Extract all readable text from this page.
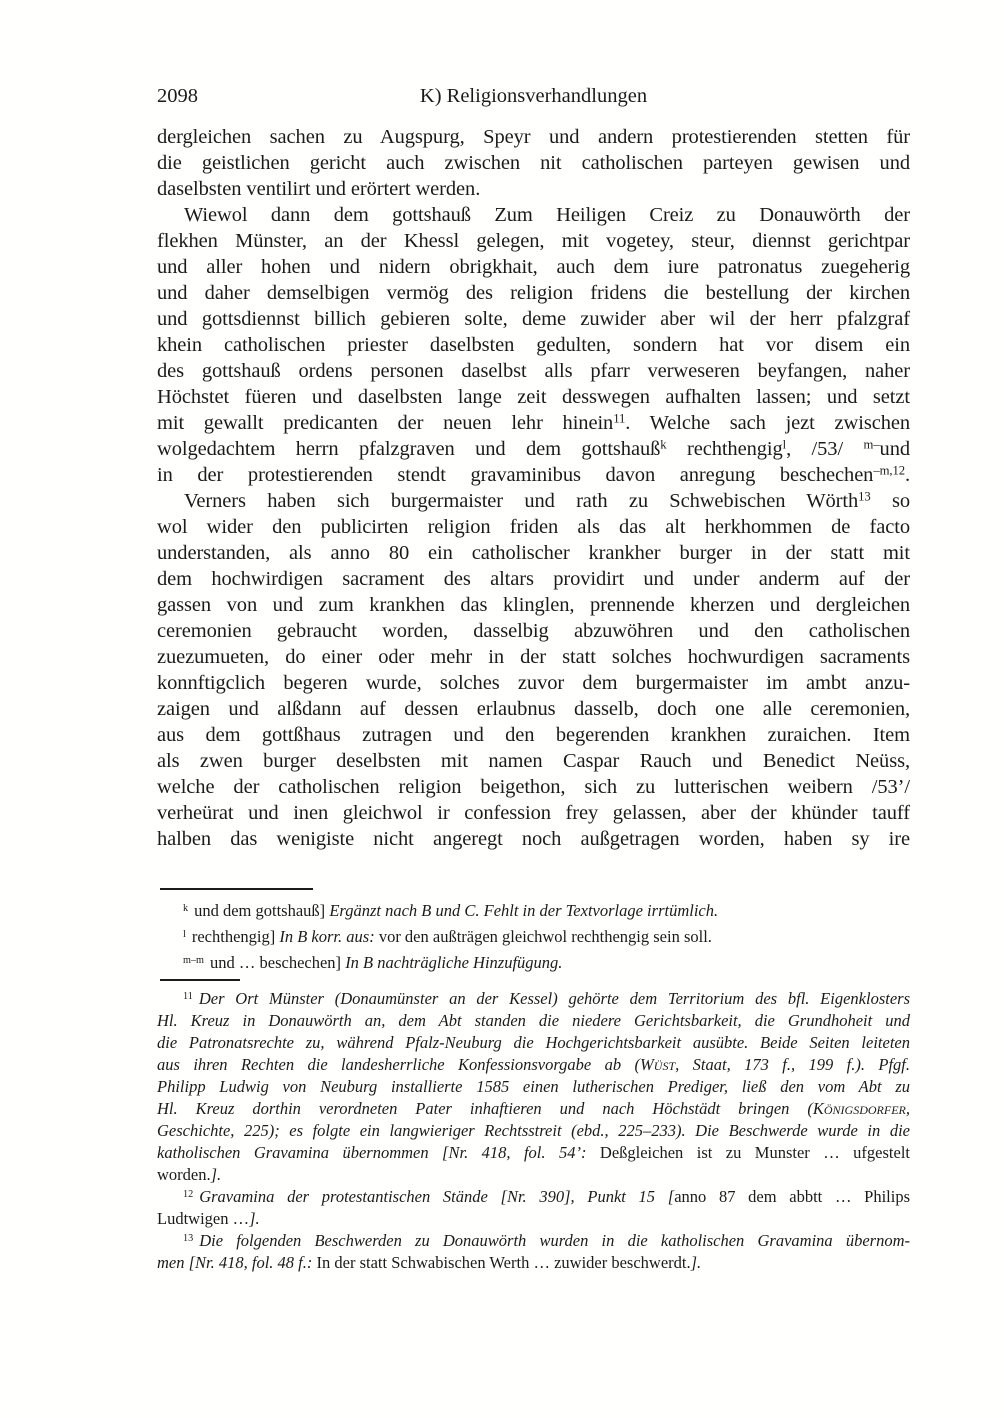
2098	K) Religionsverhandlungen
dergleichen sachen zu Augspurg, Speyr und andern protestierenden stetten für
die geistlichen gericht auch zwischen nit catholischen parteyen gewisen und
daselbsten ventilirt und erörtert werden.
Wiewol dann dem gottshauß Zum Heiligen Creiz zu Donauwörth der
flekhen Münster, an der Khessl gelegen, mit vogetey, steur, diennst gerichtpar
und aller hohen und nidern obrigkhait, auch dem iure patronatus zuegeherig
und daher demselbigen vermög des religion fridens die bestellung der kirchen
und gottsdiennst billich gebieren solte, deme zuwider aber wil der herr pfalzgraf
khein catholischen priester daselbsten gedulten, sondern hat vor disem ein
des gottshauß ordens personen daselbst alls pfarr verweseren beyfangen, naher
Höchstet füeren und daselbsten lange zeit desswegen aufhalten lassen; und setzt
mit gewallt predicanten der neuen lehr hinein$^{11}$. Welche sach jezt zwischen
wolgedachtem herrn pfalzgraven und dem gottshauß$^k$ rechthengig$^l$, /53/ $^{m-}$und
in der protestierenden stendt gravaminibus davon anregung beschechen$^{-m,12}$.
Verners haben sich burgermaister und rath zu Schwebischen Wörth$^{13}$ so
wol wider den publicirten religion friden als das alt herkhommen de facto
understanden, als anno 80 ein catholischer krankher burger in der statt mit
dem hochwirdigen sacrament des altars providirt und under anderm auf der
gassen von und zum krankhen das klinglen, prennende kherzen und dergleichen
ceremonien gebraucht worden, dasselbig abzuwöhren und den catholischen
zuezumueten, do einer oder mehr in der statt solches hochwurdigen sacraments
konnftigclich begeren wurde, solches zuvor dem burgermaister im ambt anzu-
zaigen und alßdann auf dessen erlaubnus dasselb, doch one alle ceremonien,
aus dem gottßhaus zutragen und den begerenden krankhen zuraichen. Item
als zwen burger deselbsten mit namen Caspar Rauch und Benedict Neüss,
welche der catholischen religion beigethon, sich zu lutterischen weibern /53’/
verheürat und inen gleichwol ir confession frey gelassen, aber der khünder tauff
halben das wenigiste nicht angeregt noch außgetragen worden, haben sy ire
$^k$ und dem gottshauß] Ergänzt nach B und C. Fehlt in der Textvorlage irrtümlich.
$^l$ rechthengig] In B korr. aus: vor den außträgen gleichwol rechthengig sein soll.
$^{m-m}$ und … beschechen] In B nachträgliche Hinzufügung.
$^{11}$ Der Ort Münster (Donaumünster an der Kessel) gehörte dem Territorium des bfl. Eigenklosters
Hl. Kreuz in Donauwörth an, dem Abt standen die niedere Gerichtsbarkeit, die Grundhoheit und
die Patronatsrechte zu, während Pfalz-Neuburg die Hochgerichtsbarkeit ausübte. Beide Seiten leiteten
aus ihren Rechten die landesherrliche Konfessionsvorgabe ab (Wüst, Staat, 173 f., 199 f.). Pfgf.
Philipp Ludwig von Neuburg installierte 1585 einen lutherischen Prediger, ließ den vom Abt zu
Hl. Kreuz dorthin verordneten Pater inhaftieren und nach Höchstädt bringen (Königsdorfer,
Geschichte, 225); es folgte ein langwieriger Rechtsstreit (ebd., 225–233). Die Beschwerde wurde in die
katholischen Gravamina übernommen [Nr. 418, fol. 54’: Deßgleichen ist zu Munster … ufgestelt
worden.].
$^{12}$ Gravamina der protestantischen Stände [Nr. 390], Punkt 15 [anno 87 dem abbtt … Philips
Ludtwigen …].
$^{13}$ Die folgenden Beschwerden zu Donauwörth wurden in die katholischen Gravamina übernom-
men [Nr. 418, fol. 48 f.: In der statt Schwabischen Werth … zuwider beschwerdt.].
